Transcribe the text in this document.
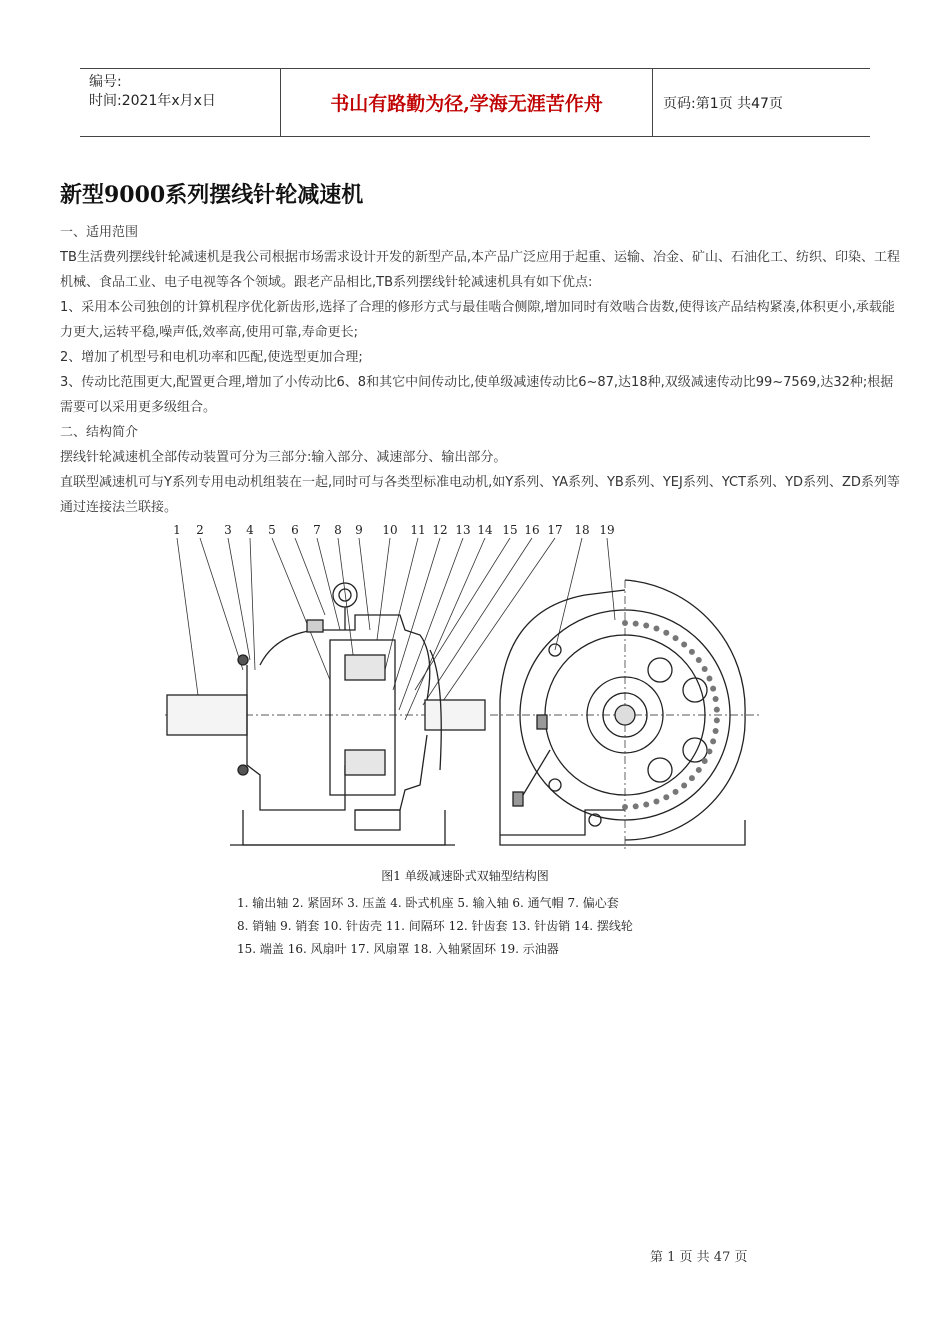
编号:
时间:2021年x月x日	书山有路勤为径,学海无涯苦作舟	页码:第1页 共47页
新型9000系列摆线针轮减速机

一、适用范围

TB生活费列摆线针轮减速机是我公司根据市场需求设计开发的新型产品,本产品广泛应用于起重、运输、冶金、矿山、石油化工、纺织、印染、工程机械、食品工业、电子电视等各个领域。跟老产品相比,TB系列摆线针轮减速机具有如下优点:

1、采用本公司独创的计算机程序优化新齿形,选择了合理的修形方式与最佳啮合侧隙,增加同时有效啮合齿数,使得该产品结构紧凑,体积更小,承载能力更大,运转平稳,噪声低,效率高,使用可靠,寿命更长;

2、增加了机型号和电机功率和匹配,使选型更加合理;

3、传动比范围更大,配置更合理,增加了小传动比6、8和其它中间传动比,使单级减速传动比6~87,达18种,双级减速传动比99~7569,达32种;根据需要可以采用更多级组合。

二、结构简介

摆线针轮减速机全部传动装置可分为三部分:输入部分、减速部分、输出部分。

直联型减速机可与Y系列专用电动机组装在一起,同时可与各类型标准电动机,如Y系列、YA系列、YB系列、YEJ系列、YCT系列、YD系列、ZD系列等通过连接法兰联接。

1 2 3 4 5 6 7 8 9 10 11 12 13 14 15 16 17 18 19
图1 单级减速卧式双轴型结构图
1. 输出轴 2. 紧固环 3. 压盖 4. 卧式机座 5. 输入轴 6. 通气帽 7. 偏心套
8. 销轴 9. 销套 10. 针齿壳 11. 间隔环 12. 针齿套 13. 针齿销 14. 摆线轮
15. 端盖 16. 风扇叶 17. 风扇罩 18. 入轴紧固环 19. 示油器
第 1 页 共 47 页
